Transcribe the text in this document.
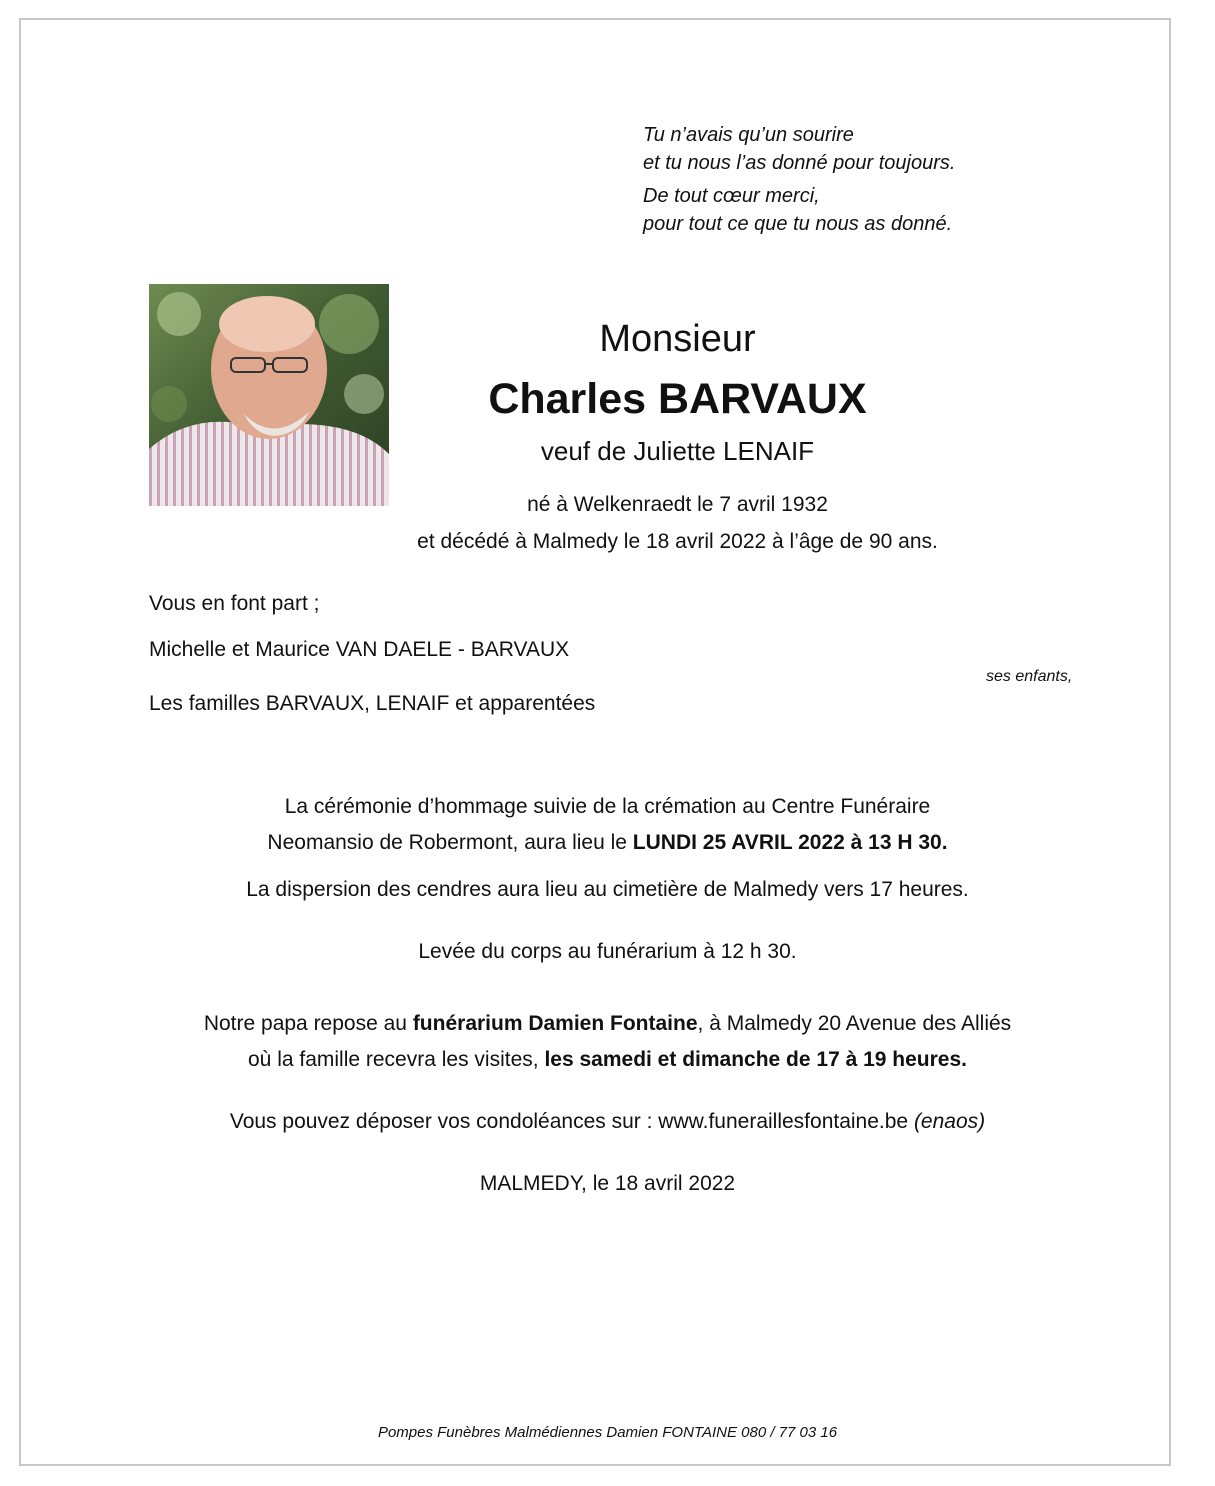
Tu n’avais qu’un sourire
et tu nous l’as donné pour toujours.
De tout cœur merci,
pour tout ce que tu nous as donné.
Monsieur
Charles BARVAUX
veuf de Juliette LENAIF
né à Welkenraedt le 7 avril 1932
et décédé à Malmedy le 18 avril 2022 à l’âge de 90 ans.
Vous en font part ;
Michelle et Maurice VAN DAELE - BARVAUX
ses enfants,
Les familles BARVAUX, LENAIF et apparentées
La cérémonie d’hommage suivie de la crémation au Centre Funéraire
Neomansio de Robermont, aura lieu le LUNDI 25 AVRIL 2022 à 13 H 30.
La dispersion des cendres aura lieu au cimetière de Malmedy vers 17 heures.
Levée du corps au funérarium à 12 h 30.
Notre papa repose au funérarium Damien Fontaine, à Malmedy 20 Avenue des Alliés
où la famille recevra les visites, les samedi et dimanche de 17 à 19 heures.
Vous pouvez déposer vos condoléances sur : www.funeraillesfontaine.be (enaos)
MALMEDY, le 18 avril 2022
Pompes Funèbres Malmédiennes Damien FONTAINE 080 / 77 03 16
